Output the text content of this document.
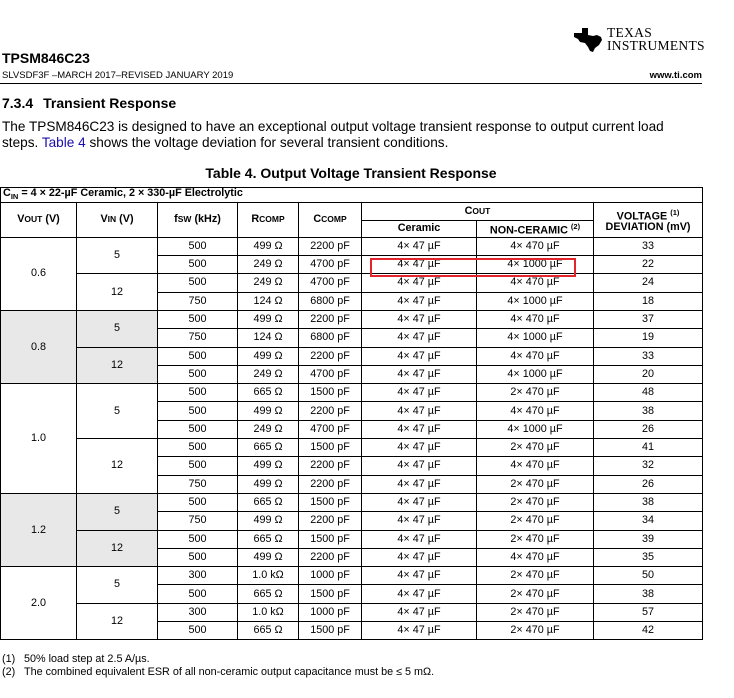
TEXAS
INSTRUMENTS
TPSM846C23
SLVSDF3F –MARCH 2017–REVISED JANUARY 2019	www.ti.com
7.3.4 Transient Response
The TPSM846C23 is designed to have an exceptional output voltage transient response to output current load steps. Table 4 shows the voltage deviation for several transient conditions.
Table 4. Output Voltage Transient Response
$C_{IN} = 4 \times 22-\mu F$ Ceramic, 2 × 330-µF Electrolytic							
VOUT (V)	VIN (V)	fSW (kHz)	RCOMP	CCOMP	COUT		VOLTAGE $^{(1)}$
DEVIATION (mV)
					Ceramic	NON-CERAMIC $^{(2)}$
0.6	5	500	499 Ω	2200 pF	4× 47 µF	4× 470 µF	33
		500	249 Ω	4700 pF	4× 47 µF	4× 1000 µF	22
	12	500	249 Ω	4700 pF	4× 47 µF	4× 470 µF	24
		750	124 Ω	6800 pF	4× 47 µF	4× 1000 µF	18
0.8	5	500	499 Ω	2200 pF	4× 47 µF	4× 470 µF	37
		750	124 Ω	6800 pF	4× 47 µF	4× 1000 µF	19
	12	500	499 Ω	2200 pF	4× 47 µF	4× 470 µF	33
		500	249 Ω	4700 pF	4× 47 µF	4× 1000 µF	20
1.0	5	500	665 Ω	1500 pF	4× 47 µF	2× 470 µF	48
		500	499 Ω	2200 pF	4× 47 µF	4× 470 µF	38
		500	249 Ω	4700 pF	4× 47 µF	4× 1000 µF	26
	12	500	665 Ω	1500 pF	4× 47 µF	2× 470 µF	41
		500	499 Ω	2200 pF	4× 47 µF	4× 470 µF	32
		750	499 Ω	2200 pF	4× 47 µF	2× 470 µF	26
1.2	5	500	665 Ω	1500 pF	4× 47 µF	2× 470 µF	38
		750	499 Ω	2200 pF	4× 47 µF	2× 470 µF	34
	12	500	665 Ω	1500 pF	4× 47 µF	2× 470 µF	39
		500	499 Ω	2200 pF	4× 47 µF	4× 470 µF	35
2.0	5	300	1.0 kΩ	1000 pF	4× 47 µF	2× 470 µF	50
		500	665 Ω	1500 pF	4× 47 µF	2× 470 µF	38
	12	300	1.0 kΩ	1000 pF	4× 47 µF	2× 470 µF	57
		500	665 Ω	1500 pF	4× 47 µF	2× 470 µF	42
(1) 50% load step at 2.5 A/µs.
(2) The combined equivalent ESR of all non-ceramic output capacitance must be ≤ 5 mΩ.
